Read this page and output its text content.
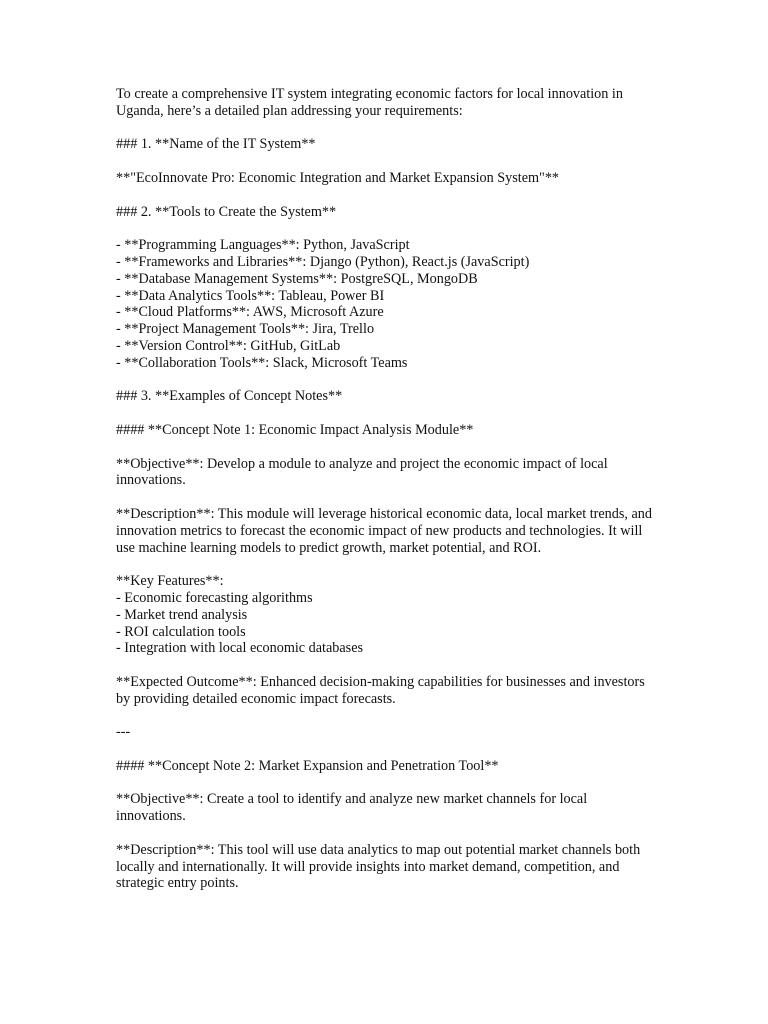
To create a comprehensive IT system integrating economic factors for local innovation in Uganda, here’s a detailed plan addressing your requirements:

### 1. **Name of the IT System**

**"EcoInnovate Pro: Economic Integration and Market Expansion System"**

### 2. **Tools to Create the System**

- **Programming Languages**: Python, JavaScript
- **Frameworks and Libraries**: Django (Python), React.js (JavaScript)
- **Database Management Systems**: PostgreSQL, MongoDB
- **Data Analytics Tools**: Tableau, Power BI
- **Cloud Platforms**: AWS, Microsoft Azure
- **Project Management Tools**: Jira, Trello
- **Version Control**: GitHub, GitLab
- **Collaboration Tools**: Slack, Microsoft Teams

### 3. **Examples of Concept Notes**

#### **Concept Note 1: Economic Impact Analysis Module**

**Objective**: Develop a module to analyze and project the economic impact of local innovations.

**Description**: This module will leverage historical economic data, local market trends, and innovation metrics to forecast the economic impact of new products and technologies. It will use machine learning models to predict growth, market potential, and ROI.

**Key Features**:
- Economic forecasting algorithms
- Market trend analysis
- ROI calculation tools
- Integration with local economic databases

**Expected Outcome**: Enhanced decision-making capabilities for businesses and investors by providing detailed economic impact forecasts.

---

#### **Concept Note 2: Market Expansion and Penetration Tool**

**Objective**: Create a tool to identify and analyze new market channels for local innovations.

**Description**: This tool will use data analytics to map out potential market channels both locally and internationally. It will provide insights into market demand, competition, and strategic entry points.
